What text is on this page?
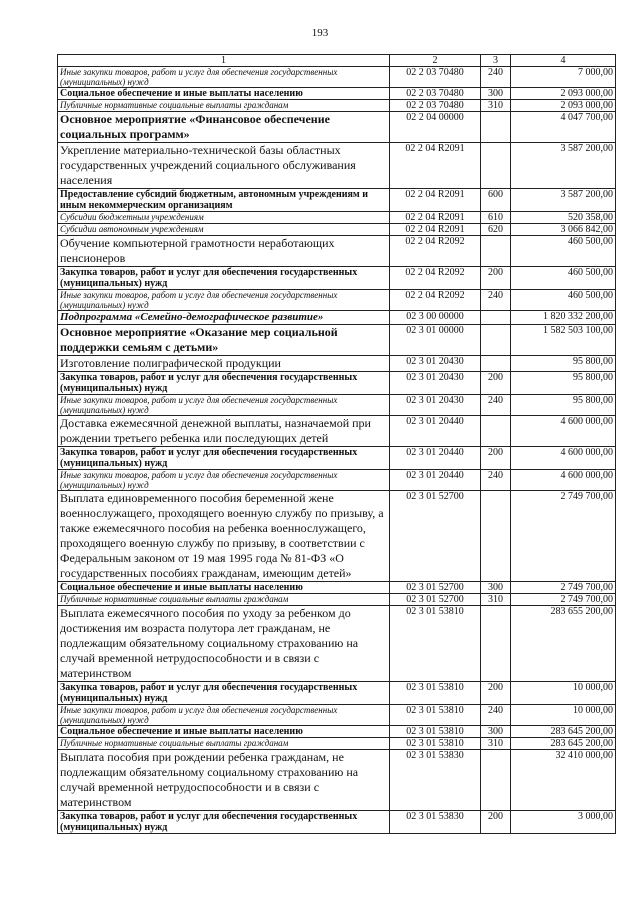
193
1	2	3	4
Иные закупки товаров, работ и услуг для обеспечения государственных (муниципальных) нужд	02 2 03 70480	240	7 000,00
Социальное обеспечение и иные выплаты населению	02 2 03 70480	300	2 093 000,00
Публичные нормативные социальные выплаты гражданам	02 2 03 70480	310	2 093 000,00
Основное мероприятие «Финансовое обеспечение социальных программ»	02 2 04 00000		4 047 700,00
Укрепление материально-технической базы областных государственных учреждений социального обслуживания населения	02 2 04 R2091		3 587 200,00
Предоставление субсидий бюджетным, автономным учреждениям и иным некоммерческим организациям	02 2 04 R2091	600	3 587 200,00
Субсидии бюджетным учреждениям	02 2 04 R2091	610	520 358,00
Субсидии автономным учреждениям	02 2 04 R2091	620	3 066 842,00
Обучение компьютерной грамотности неработающих пенсионеров	02 2 04 R2092		460 500,00
Закупка товаров, работ и услуг для обеспечения государственных (муниципальных) нужд	02 2 04 R2092	200	460 500,00
Иные закупки товаров, работ и услуг для обеспечения государственных (муниципальных) нужд	02 2 04 R2092	240	460 500,00
Подпрограмма «Семейно-демографическое развитие»	02 3 00 00000		1 820 332 200,00
Основное мероприятие «Оказание мер социальной поддержки семьям с детьми»	02 3 01 00000		1 582 503 100,00
Изготовление полиграфической продукции	02 3 01 20430		95 800,00
Закупка товаров, работ и услуг для обеспечения государственных (муниципальных) нужд	02 3 01 20430	200	95 800,00
Иные закупки товаров, работ и услуг для обеспечения государственных (муниципальных) нужд	02 3 01 20430	240	95 800,00
Доставка ежемесячной денежной выплаты, назначаемой при рождении третьего ребенка или последующих детей	02 3 01 20440		4 600 000,00
Закупка товаров, работ и услуг для обеспечения государственных (муниципальных) нужд	02 3 01 20440	200	4 600 000,00
Иные закупки товаров, работ и услуг для обеспечения государственных (муниципальных) нужд	02 3 01 20440	240	4 600 000,00
Выплата единовременного пособия беременной жене военнослужащего, проходящего военную службу по призыву, а также ежемесячного пособия на ребенка военнослужащего, проходящего военную службу по призыву, в соответствии с Федеральным законом от 19 мая 1995 года № 81-ФЗ «О государственных пособиях гражданам, имеющим детей»	02 3 01 52700		2 749 700,00
Социальное обеспечение и иные выплаты населению	02 3 01 52700	300	2 749 700,00
Публичные нормативные социальные выплаты гражданам	02 3 01 52700	310	2 749 700,00
Выплата ежемесячного пособия по уходу за ребенком до достижения им возраста полутора лет гражданам, не подлежащим обязательному социальному страхованию на случай временной нетрудоспособности и в связи с материнством	02 3 01 53810		283 655 200,00
Закупка товаров, работ и услуг для обеспечения государственных (муниципальных) нужд	02 3 01 53810	200	10 000,00
Иные закупки товаров, работ и услуг для обеспечения государственных (муниципальных) нужд	02 3 01 53810	240	10 000,00
Социальное обеспечение и иные выплаты населению	02 3 01 53810	300	283 645 200,00
Публичные нормативные социальные выплаты гражданам	02 3 01 53810	310	283 645 200,00
Выплата пособия при рождении ребенка гражданам, не подлежащим обязательному социальному страхованию на случай временной нетрудоспособности и в связи с материнством	02 3 01 53830		32 410 000,00
Закупка товаров, работ и услуг для обеспечения государственных (муниципальных) нужд	02 3 01 53830	200	3 000,00
